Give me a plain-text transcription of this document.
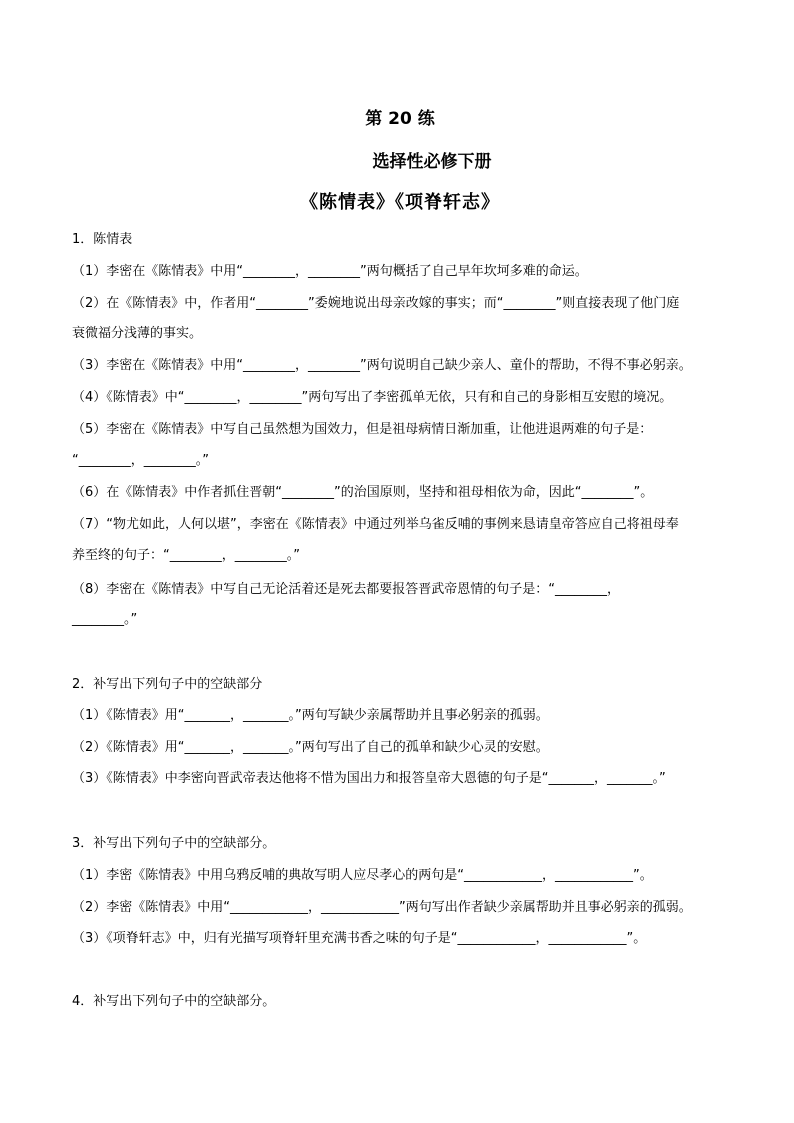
第 20 练
选择性必修下册
《陈情表》《项脊轩志》
1．陈情表
（1）李密在《陈情表》中用“________，________”两句概括了自己早年坎坷多难的命运。
（2）在《陈情表》中，作者用“________”委婉地说出母亲改嫁的事实；而“________”则直接表现了他门庭
衰微福分浅薄的事实。
（3）李密在《陈情表》中用“________，________”两句说明自己缺少亲人、童仆的帮助，不得不事必躬亲。
（4）《陈情表》中“________，________”两句写出了李密孤单无依，只有和自己的身影相互安慰的境况。
（5）李密在《陈情表》中写自己虽然想为国效力，但是祖母病情日渐加重，让他进退两难的句子是：
“________，________。”
（6）在《陈情表》中作者抓住晋朝“________”的治国原则，坚持和祖母相依为命，因此“________”。
（7）“物尤如此，人何以堪”，李密在《陈情表》中通过列举乌雀反哺的事例来恳请皇帝答应自己将祖母奉
养至终的句子：“________，________。”
（8）李密在《陈情表》中写自己无论活着还是死去都要报答晋武帝恩情的句子是：“________，
________。”
2．补写出下列句子中的空缺部分
（1）《陈情表》用“_______，_______。”两句写缺少亲属帮助并且事必躬亲的孤弱。
（2）《陈情表》用“_______，_______。”两句写出了自己的孤单和缺少心灵的安慰。
（3）《陈情表》中李密向晋武帝表达他将不惜为国出力和报答皇帝大恩德的句子是“_______，_______。”
3．补写出下列句子中的空缺部分。
（1）李密《陈情表》中用乌鸦反哺的典故写明人应尽孝心的两句是“____________，____________”。
（2）李密《陈情表》中用“____________，____________”两句写出作者缺少亲属帮助并且事必躬亲的孤弱。
（3）《项脊轩志》中，归有光描写项脊轩里充满书香之味的句子是“____________，____________”。
4．补写出下列句子中的空缺部分。
